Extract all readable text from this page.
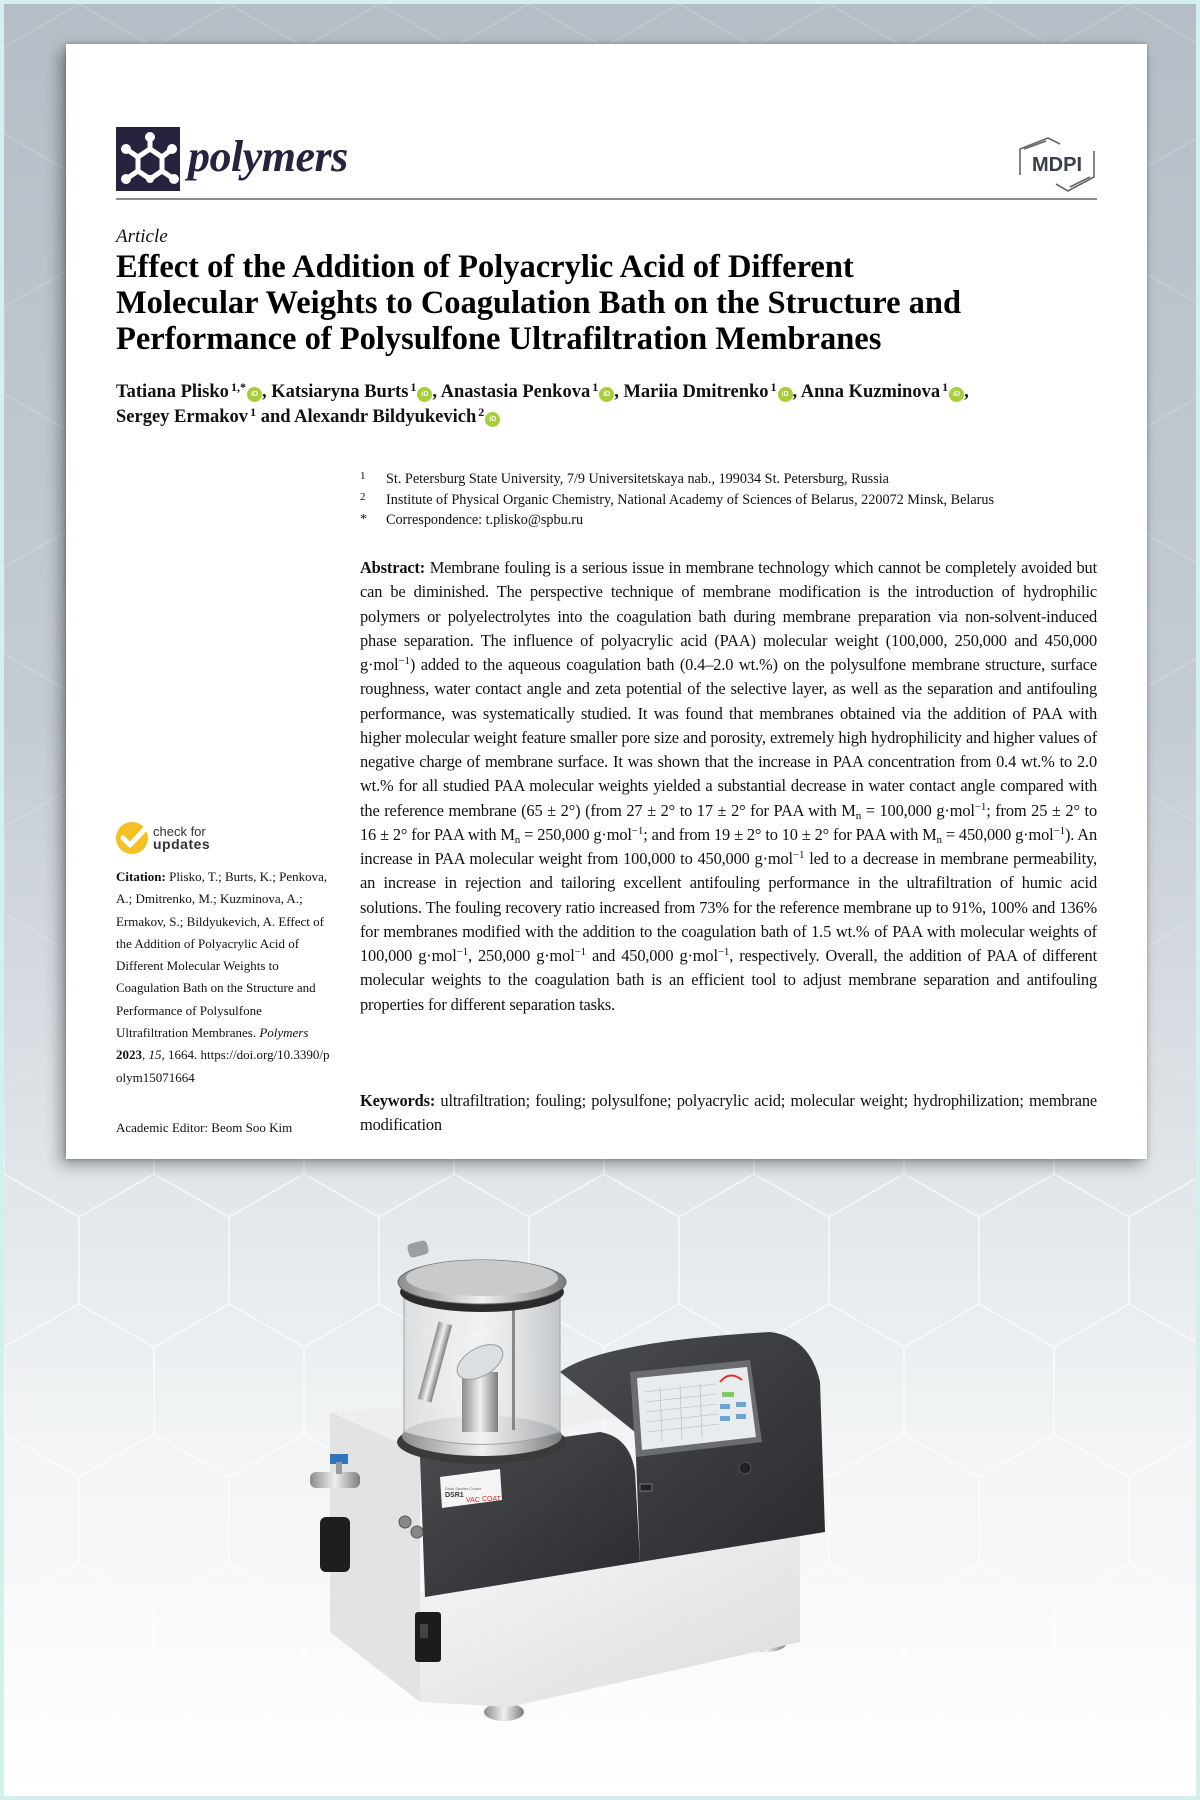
polymers	MDPI
Article
Effect of the Addition of Polyacrylic Acid of Different
Molecular Weights to Coagulation Bath on the Structure and
Performance of Polysulfone Ultrafiltration Membranes
Tatiana Plisko $^{1,*}$iD , Katsiaryna Burts $^1$iD , Anastasia Penkova $^1$iD , Mariia Dmitrenko $^1$iD , Anna Kuzminova $^1$iD ,
Sergey Ermakov $^1$ and Alexandr Bildyukevich $^2$iD
1	St. Petersburg State University, 7/9 Universitetskaya nab., 199034 St. Petersburg, Russia
2	Institute of Physical Organic Chemistry, National Academy of Sciences of Belarus, 220072 Minsk, Belarus
*	Correspondence: t.plisko@spbu.ru
Abstract: Membrane fouling is a serious issue in membrane technology which cannot be completely avoided but can be diminished. The perspective technique of membrane modification is the introduction of hydrophilic polymers or polyelectrolytes into the coagulation bath during membrane preparation via non-solvent-induced phase separation. The influence of polyacrylic acid (PAA) molecular weight (100,000, 250,000 and 450,000 g·mol$^{-1}$) added to the aqueous coagulation bath (0.4–2.0 wt.%) on the polysulfone membrane structure, surface roughness, water contact angle and zeta potential of the selective layer, as well as the separation and antifouling performance, was systematically studied. It was found that membranes obtained via the addition of PAA with higher molecular weight feature smaller pore size and porosity, extremely high hydrophilicity and higher values of negative charge of membrane surface. It was shown that the increase in PAA concentration from 0.4 wt.% to 2.0 wt.% for all studied PAA molecular weights yielded a substantial decrease in water contact angle compared with the reference membrane (65 ± 2°) (from 27 ± 2° to 17 ± 2° for PAA with $M_n = 100,000$ g·mol$^{-1}$; from 25 ± 2° to 16 ± 2° for PAA with $M_n = 250,000$ g·mol$^{-1}$; and from 19 ± 2° to 10 ± 2° for PAA with $M_n = 450,000$ g·mol$^{-1}$). An increase in PAA molecular weight from 100,000 to 450,000 g·mol$^{-1}$ led to a decrease in membrane permeability, an increase in rejection and tailoring excellent antifouling performance in the ultrafiltration of humic acid solutions. The fouling recovery ratio increased from 73% for the reference membrane up to 91%, 100% and 136% for membranes modified with the addition to the coagulation bath of 1.5 wt.% of PAA with molecular weights of 100,000 g·mol$^{-1}$, 250,000 g·mol$^{-1}$ and 450,000 g·mol$^{-1}$, respectively. Overall, the addition of PAA of different molecular weights to the coagulation bath is an efficient tool to adjust membrane separation and antifouling properties for different separation tasks.
Keywords: ultrafiltration; fouling; polysulfone; polyacrylic acid; molecular weight; hydrophilization; membrane modification
check for
updates
Citation: Plisko, T.; Burts, K.; Penkova, A.; Dmitrenko, M.; Kuzminova, A.; Ermakov, S.; Bildyukevich, A. Effect of the Addition of Polyacrylic Acid of Different Molecular Weights to Coagulation Bath on the Structure and Performance of Polysulfone Ultrafiltration Membranes. Polymers 2023, 15, 1664. https://doi.org/10.3390/polym15071664
Academic Editor: Beom Soo Kim
Desk Sputter Coater
DSR1
VAC COAT
